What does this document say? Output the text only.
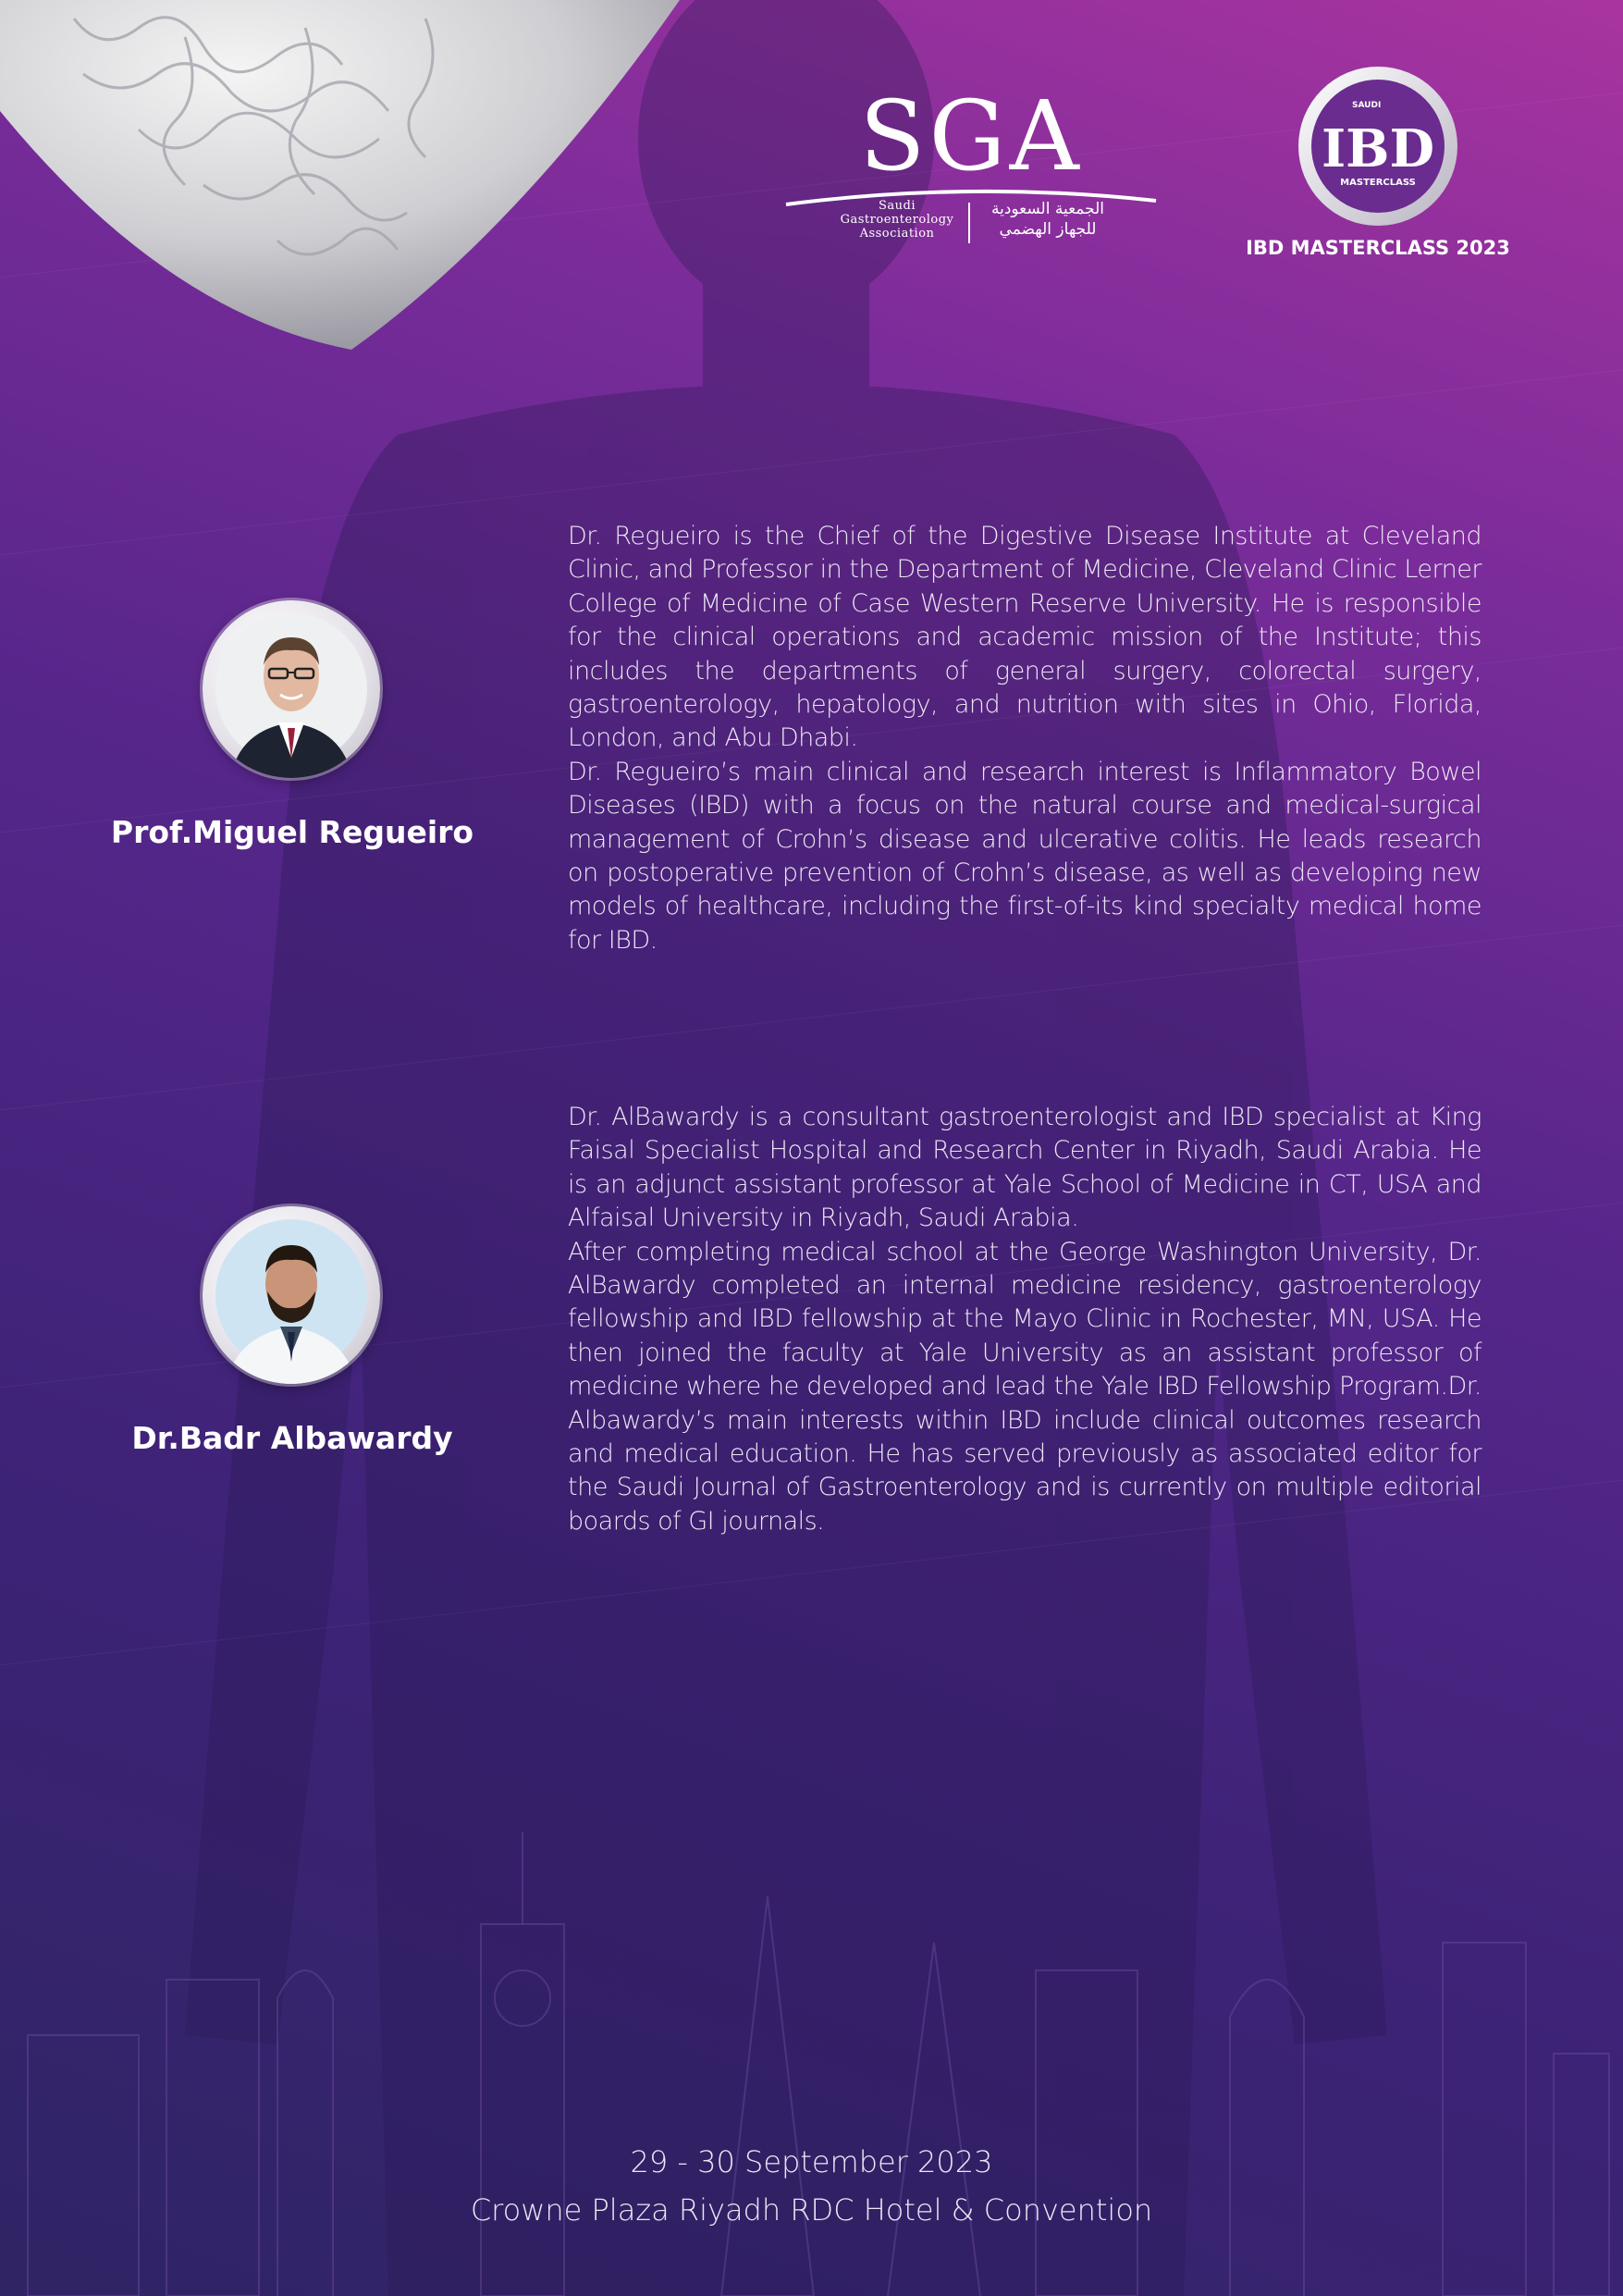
SGA
Saudi
Gastroenterology
Association
الجمعية السعودية
للجهاز الهضمي
SAUDI
IBD
MASTERCLASS
IBD MASTERCLASS 2023
Prof.Miguel Regueiro

Dr. Regueiro is the Chief of the Digestive Disease Institute at Cleveland Clinic, and Professor in the Department of Medicine, Cleveland Clinic Lerner College of Medicine of Case Western Reserve University. He is responsible for the clinical operations and academic mission of the Institute; this includes the departments of general surgery, colorectal surgery, gastroenterology, hepatology, and nutrition with sites in Ohio, Florida, London, and Abu Dhabi.

Dr. Regueiro’s main clinical and research interest is Inflammatory Bowel Diseases (IBD) with a focus on the natural course and medical-surgical management of Crohn’s disease and ulcerative colitis. He leads research on postoperative prevention of Crohn’s disease, as well as developing new models of healthcare, including the first-of-its kind specialty medical home for IBD.

Dr.Badr Albawardy

Dr. AlBawardy is a consultant gastroenterologist and IBD specialist at King Faisal Specialist Hospital and Research Center in Riyadh, Saudi Arabia. He is an adjunct assistant professor at Yale School of Medicine in CT, USA and Alfaisal University in Riyadh, Saudi Arabia.

After completing medical school at the George Washington University, Dr. AlBawardy completed an internal medicine residency, gastroenterology fellowship and IBD fellowship at the Mayo Clinic in Rochester, MN, USA. He then joined the faculty at Yale University as an assistant professor of medicine where he developed and lead the Yale IBD Fellowship Program.Dr. Albawardy’s main interests within IBD include clinical outcomes research and medical education. He has served previously as associated editor for the Saudi Journal of Gastroenterology and is currently on multiple editorial boards of GI journals.

29 - 30 September 2023
Crowne Plaza Riyadh RDC Hotel & Convention
